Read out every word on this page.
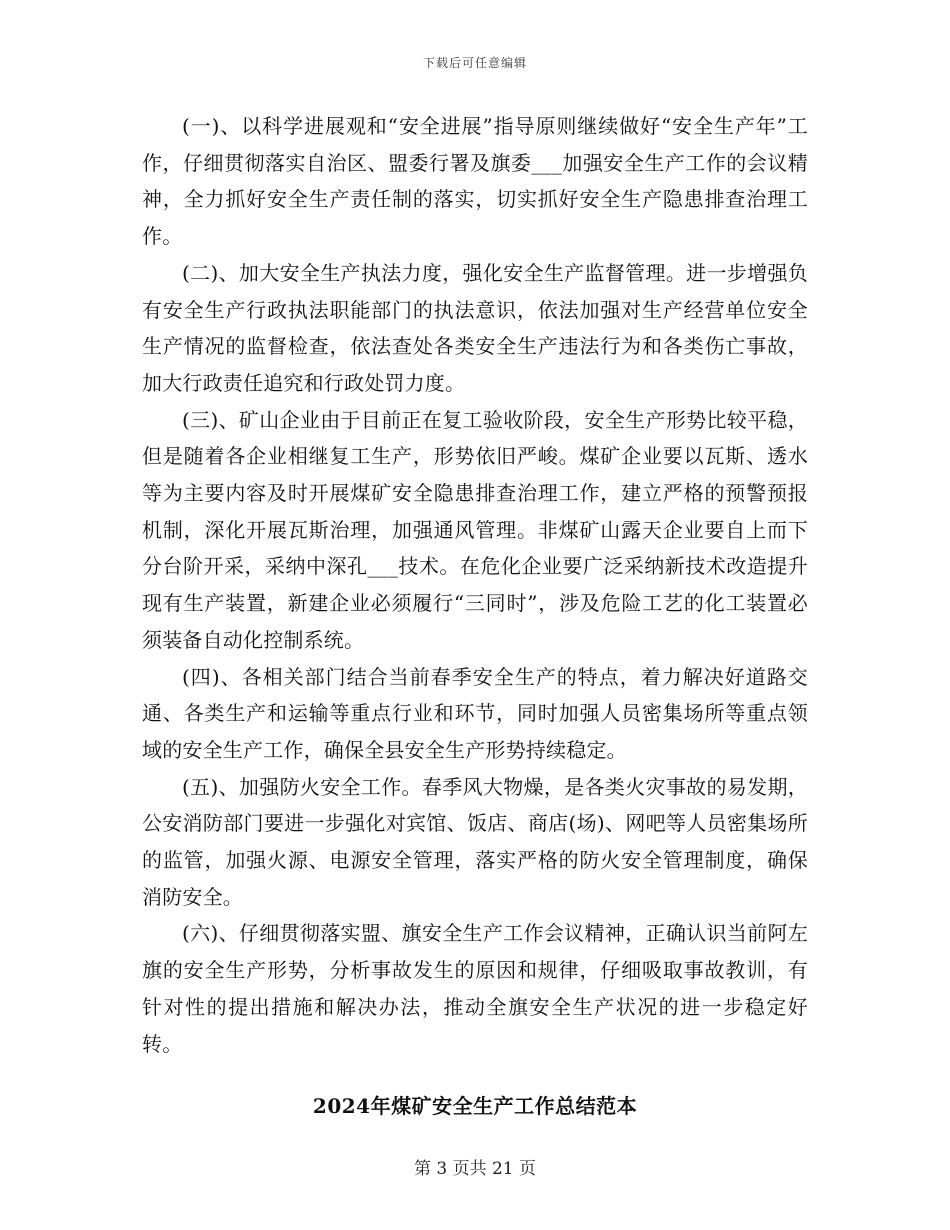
下载后可任意编辑

(一)、以科学进展观和“安全进展”指导原则继续做好“安全生产年”工作，仔细贯彻落实自治区、盟委行署及旗委___加强安全生产工作的会议精神，全力抓好安全生产责任制的落实，切实抓好安全生产隐患排查治理工作。

(二)、加大安全生产执法力度，强化安全生产监督管理。进一步增强负有安全生产行政执法职能部门的执法意识，依法加强对生产经营单位安全生产情况的监督检查，依法查处各类安全生产违法行为和各类伤亡事故，加大行政责任追究和行政处罚力度。

(三)、矿山企业由于目前正在复工验收阶段，安全生产形势比较平稳，但是随着各企业相继复工生产，形势依旧严峻。煤矿企业要以瓦斯、透水等为主要内容及时开展煤矿安全隐患排查治理工作，建立严格的预警预报机制，深化开展瓦斯治理，加强通风管理。非煤矿山露天企业要自上而下分台阶开采，采纳中深孔___技术。在危化企业要广泛采纳新技术改造提升现有生产装置，新建企业必须履行“三同时”，涉及危险工艺的化工装置必须装备自动化控制系统。

(四)、各相关部门结合当前春季安全生产的特点，着力解决好道路交通、各类生产和运输等重点行业和环节，同时加强人员密集场所等重点领域的安全生产工作，确保全县安全生产形势持续稳定。

(五)、加强防火安全工作。春季风大物燥，是各类火灾事故的易发期，公安消防部门要进一步强化对宾馆、饭店、商店(场)、网吧等人员密集场所的监管，加强火源、电源安全管理，落实严格的防火安全管理制度，确保消防安全。

(六)、仔细贯彻落实盟、旗安全生产工作会议精神，正确认识当前阿左旗的安全生产形势，分析事故发生的原因和规律，仔细吸取事故教训，有针对性的提出措施和解决办法，推动全旗安全生产状况的进一步稳定好转。

2024年煤矿安全生产工作总结范本
第 3 页共 21 页
